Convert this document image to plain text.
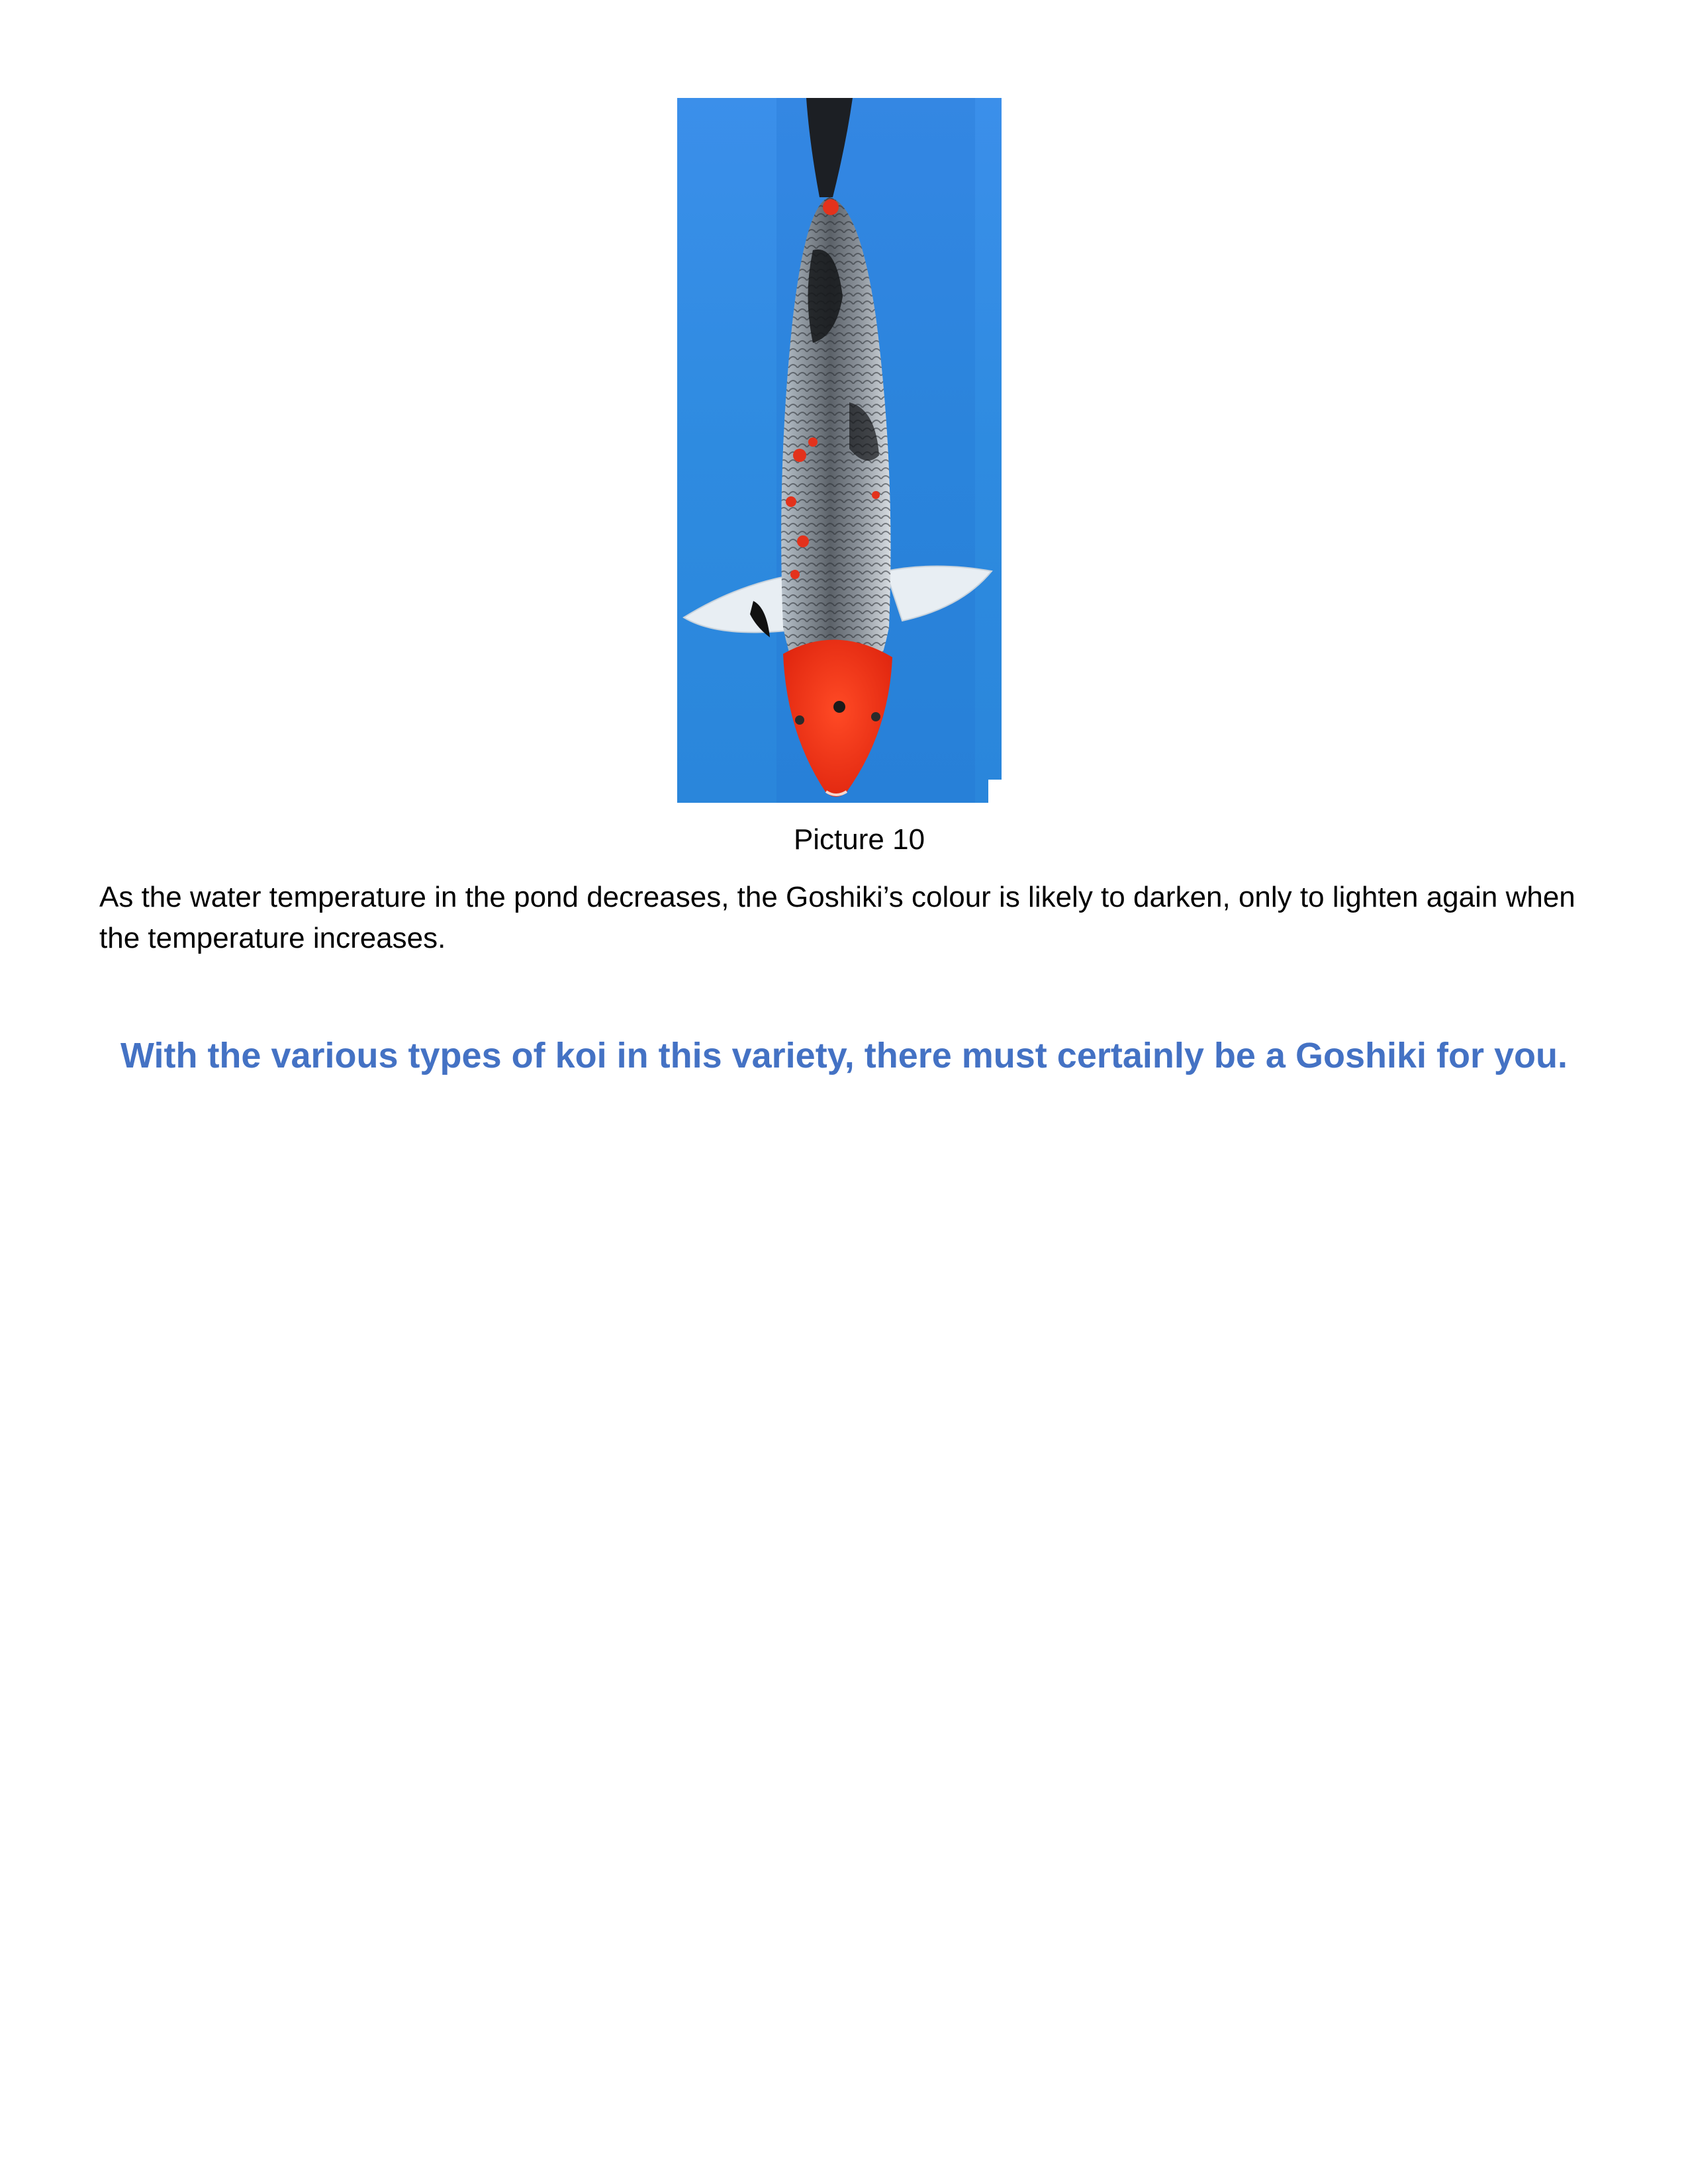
Picture 10

As the water temperature in the pond decreases, the Goshiki’s colour is likely to darken, only to lighten again when the temperature increases.

With the various types of koi in this variety, there must certainly be a Goshiki for you.
